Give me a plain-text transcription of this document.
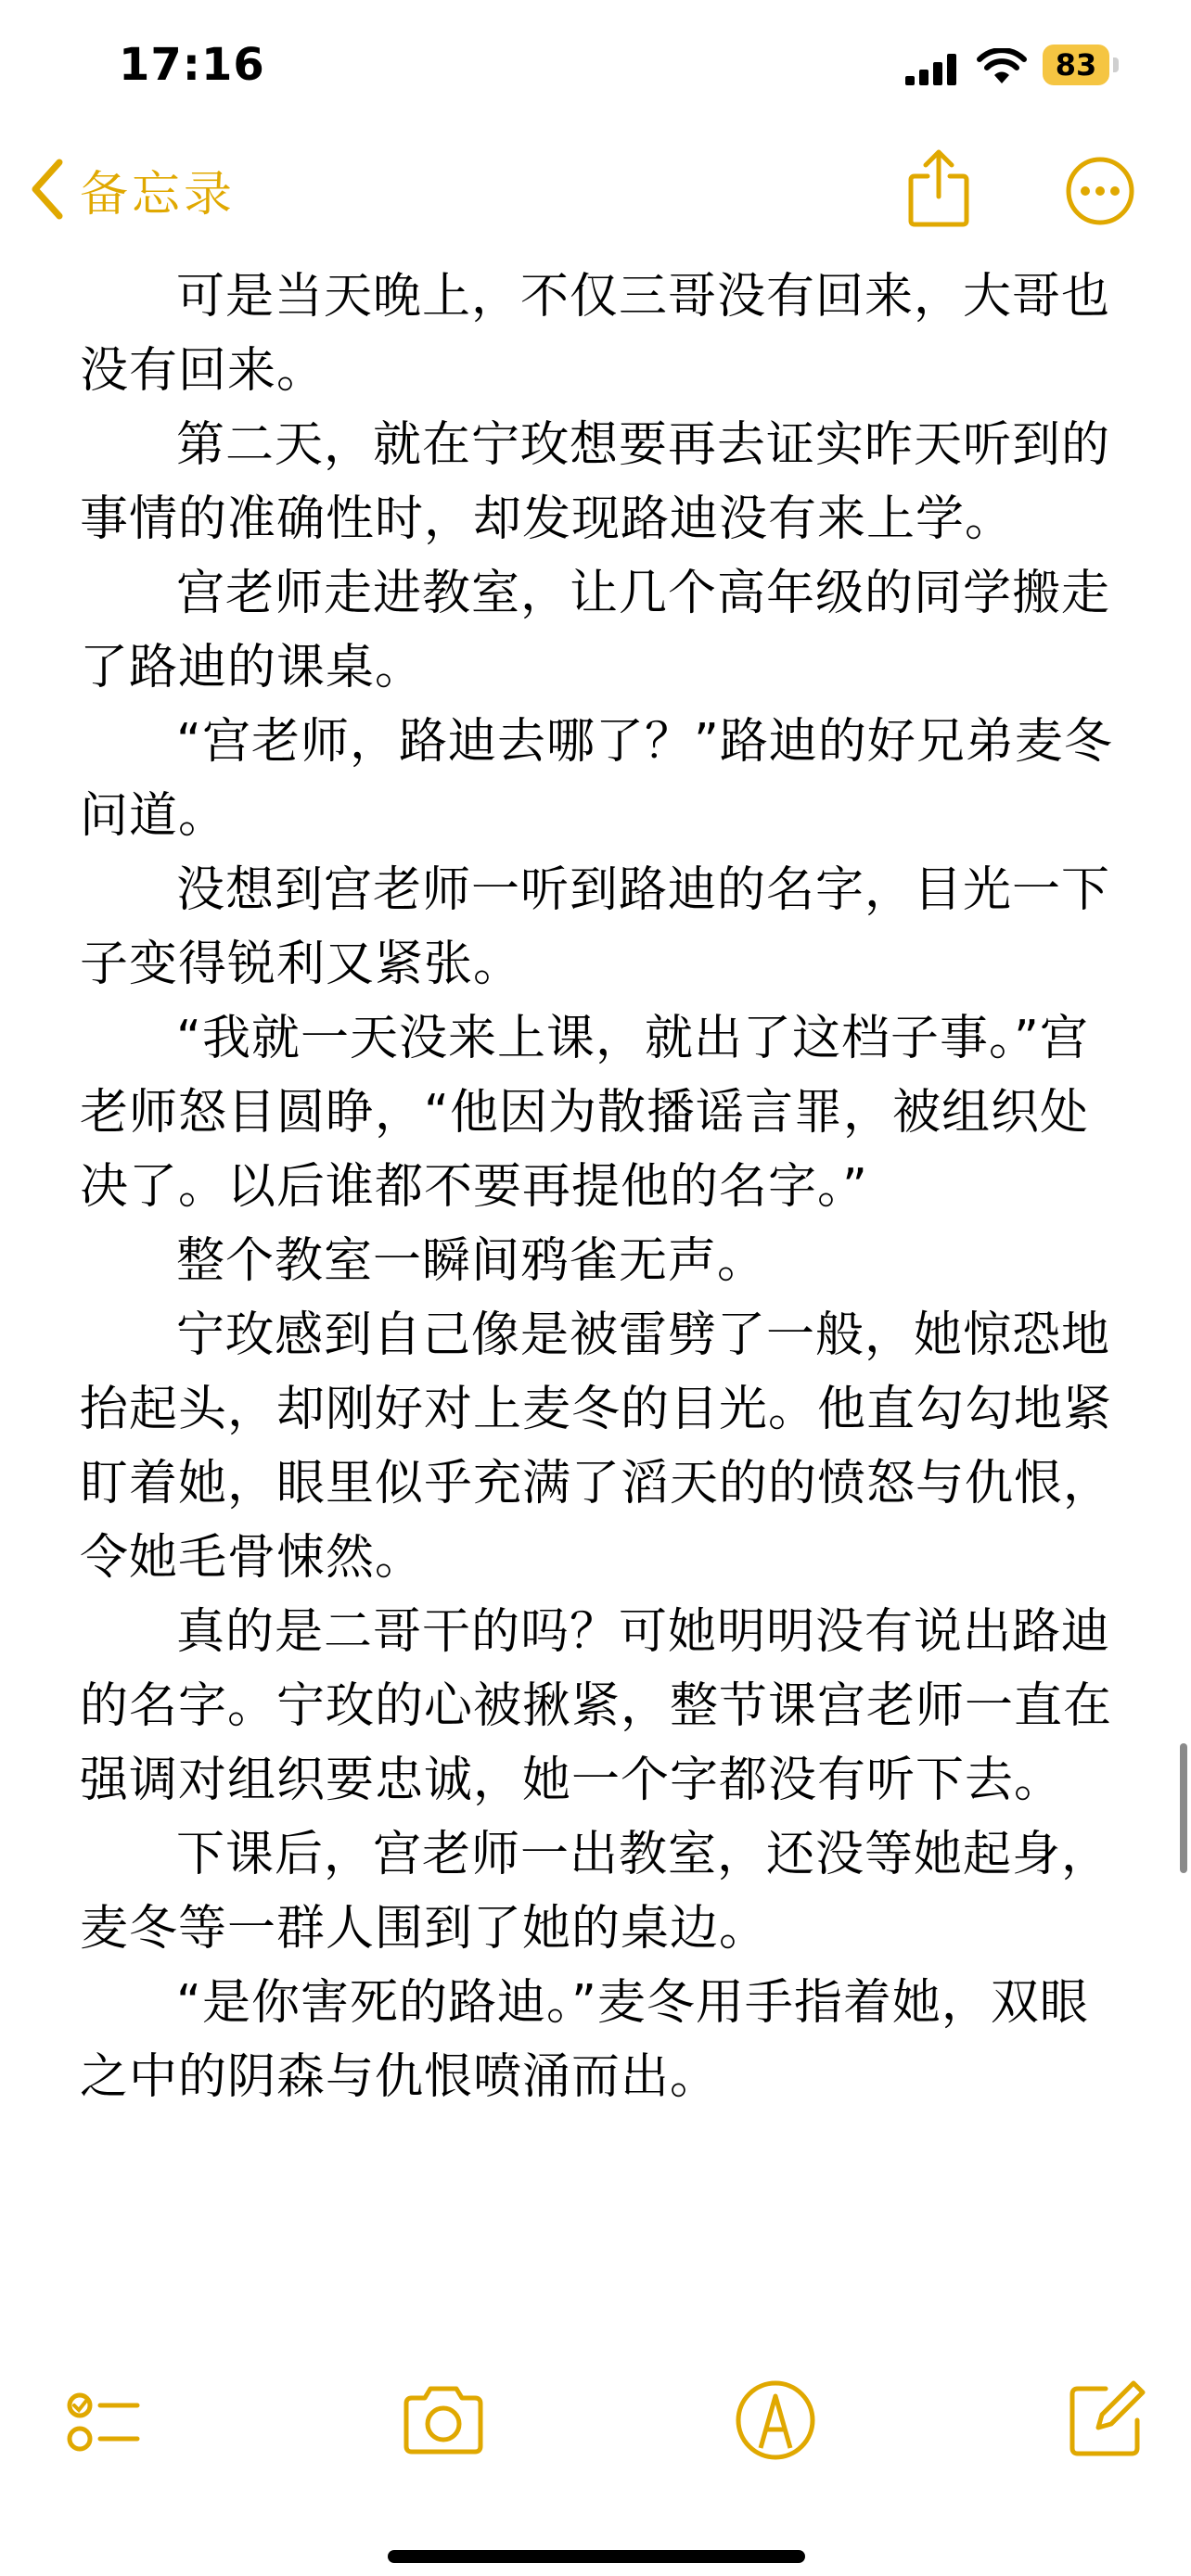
17:16	83
备忘录

可是当天晚上，不仅三哥没有回来，大哥也没有回来。

第二天，就在宁玫想要再去证实昨天听到的事情的准确性时，却发现路迪没有来上学。

宫老师走进教室，让几个高年级的同学搬走了路迪的课桌。

“宫老师，路迪去哪了？”路迪的好兄弟麦冬问道。

没想到宫老师一听到路迪的名字，目光一下子变得锐利又紧张。

“我就一天没来上课，就出了这档子事。”宫老师怒目圆睁，“他因为散播谣言罪，被组织处决了。以后谁都不要再提他的名字。”

整个教室一瞬间鸦雀无声。

宁玫感到自己像是被雷劈了一般，她惊恐地抬起头，却刚好对上麦冬的目光。他直勾勾地紧盯着她，眼里似乎充满了滔天的的愤怒与仇恨，令她毛骨悚然。

真的是二哥干的吗？可她明明没有说出路迪的名字。宁玫的心被揪紧，整节课宫老师一直在强调对组织要忠诚，她一个字都没有听下去。

下课后，宫老师一出教室，还没等她起身，麦冬等一群人围到了她的桌边。

“是你害死的路迪。”麦冬用手指着她，双眼之中的阴森与仇恨喷涌而出。
